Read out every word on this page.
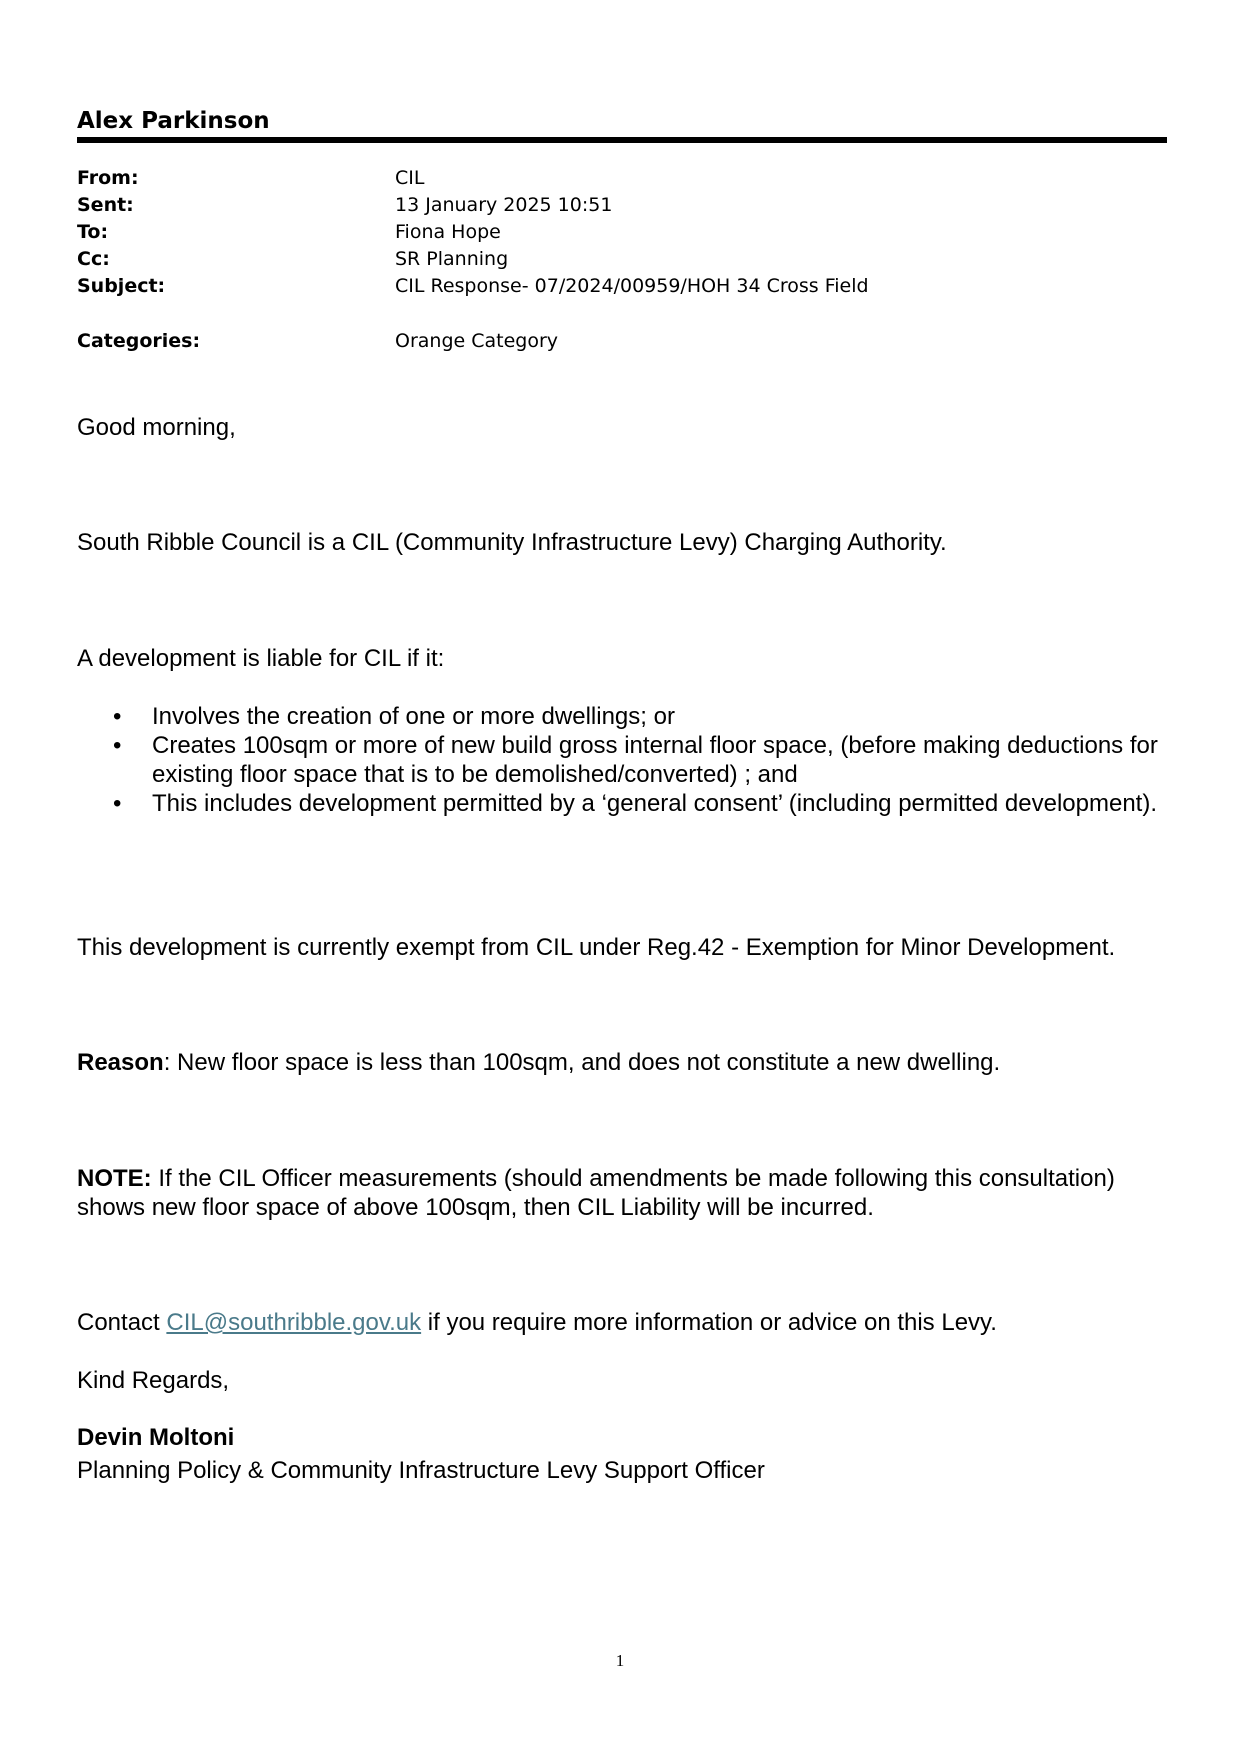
Alex Parkinson
From:	CIL
Sent:	13 January 2025 10:51
To:	Fiona Hope
Cc:	SR Planning
Subject:	CIL Response- 07/2024/00959/HOH 34 Cross Field
Categories:	Orange Category
Good morning,
South Ribble Council is a CIL (Community Infrastructure Levy) Charging Authority.
A development is liable for CIL if it:
•	Involves the creation of one or more dwellings; or
•	Creates 100sqm or more of new build gross internal floor space, (before making deductions for existing floor space that is to be demolished/converted) ; and
•	This includes development permitted by a ‘general consent’ (including permitted development).
This development is currently exempt from CIL under Reg.42 - Exemption for Minor Development.
Reason: New floor space is less than 100sqm, and does not constitute a new dwelling.
NOTE: If the CIL Officer measurements (should amendments be made following this consultation) shows new floor space of above 100sqm, then CIL Liability will be incurred.
Contact CIL@southribble.gov.uk if you require more information or advice on this Levy.
Kind Regards,
Devin Moltoni
Planning Policy & Community Infrastructure Levy Support Officer
1
